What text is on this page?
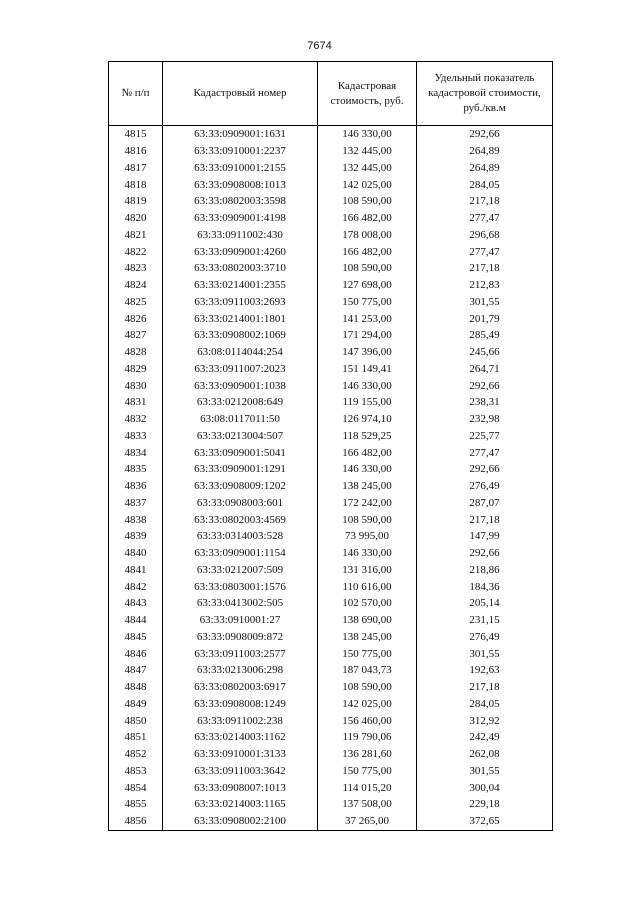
7674
№ п/п	Кадастровый номер	Кадастровая стоимость, руб.	Удельный показатель кадастровой стоимости, руб./кв.м
4815	63:33:0909001:1631	146 330,00	292,66
4816	63:33:0910001:2237	132 445,00	264,89
4817	63:33:0910001:2155	132 445,00	264,89
4818	63:33:0908008:1013	142 025,00	284,05
4819	63:33:0802003:3598	108 590,00	217,18
4820	63:33:0909001:4198	166 482,00	277,47
4821	63:33:0911002:430	178 008,00	296,68
4822	63:33:0909001:4260	166 482,00	277,47
4823	63:33:0802003:3710	108 590,00	217,18
4824	63:33:0214001:2355	127 698,00	212,83
4825	63:33:0911003:2693	150 775,00	301,55
4826	63:33:0214001:1801	141 253,00	201,79
4827	63:33:0908002:1069	171 294,00	285,49
4828	63:08:0114044:254	147 396,00	245,66
4829	63:33:0911007:2023	151 149,41	264,71
4830	63:33:0909001:1038	146 330,00	292,66
4831	63:33:0212008:649	119 155,00	238,31
4832	63:08:0117011:50	126 974,10	232,98
4833	63:33:0213004:507	118 529,25	225,77
4834	63:33:0909001:5041	166 482,00	277,47
4835	63:33:0909001:1291	146 330,00	292,66
4836	63:33:0908009:1202	138 245,00	276,49
4837	63:33:0908003:601	172 242,00	287,07
4838	63:33:0802003:4569	108 590,00	217,18
4839	63:33:0314003:528	73 995,00	147,99
4840	63:33:0909001:1154	146 330,00	292,66
4841	63:33:0212007:509	131 316,00	218,86
4842	63:33:0803001:1576	110 616,00	184,36
4843	63:33:0413002:505	102 570,00	205,14
4844	63:33:0910001:27	138 690,00	231,15
4845	63:33:0908009:872	138 245,00	276,49
4846	63:33:0911003:2577	150 775,00	301,55
4847	63:33:0213006:298	187 043,73	192,63
4848	63:33:0802003:6917	108 590,00	217,18
4849	63:33:0908008:1249	142 025,00	284,05
4850	63:33:0911002:238	156 460,00	312,92
4851	63:33:0214003:1162	119 790,06	242,49
4852	63:33:0910001:3133	136 281,60	262,08
4853	63:33:0911003:3642	150 775,00	301,55
4854	63:33:0908007:1013	114 015,20	300,04
4855	63:33:0214003:1165	137 508,00	229,18
4856	63:33:0908002:2100	37 265,00	372,65
